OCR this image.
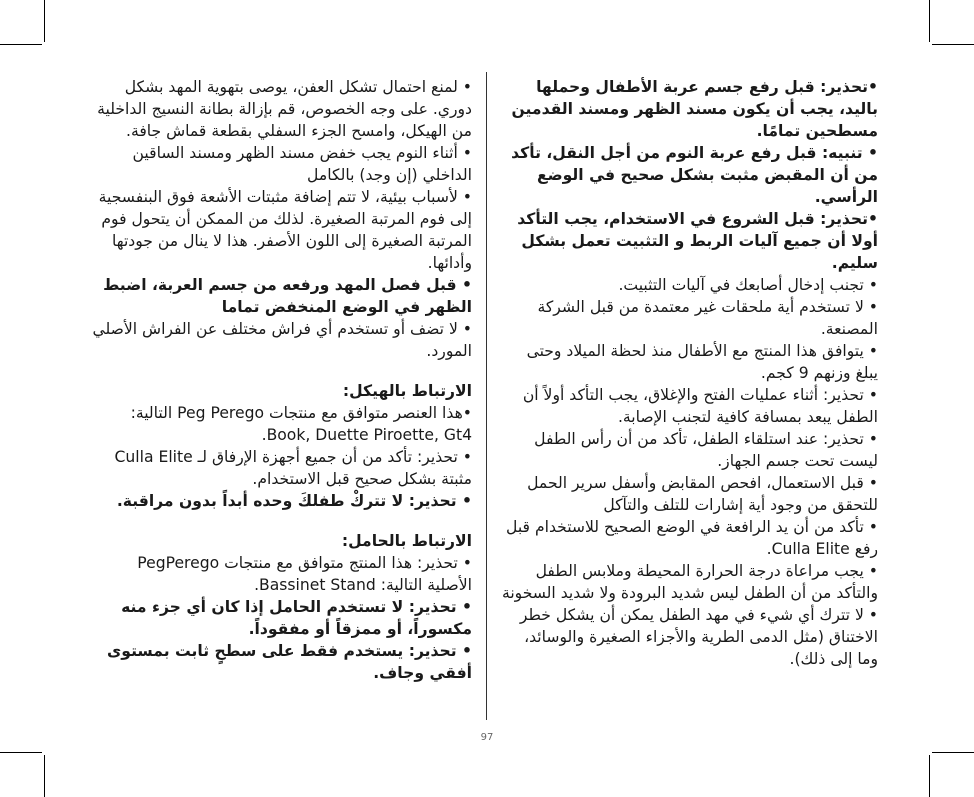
•تحذير: قبل رفع جسم عربة الأطفال وحملها باليد، يجب أن يكون مسند الظهر ومسند القدمين مسطحين تمامًا.

• تنبيه: قبل رفع عربة النوم من أجل النقل، تأكد من أن المقبض مثبت بشكل صحيح في الوضع الرأسي.

•تحذير: قبل الشروع في الاستخدام، يجب التأكد أولا أن جميع آليات الربط و التثبيت تعمل بشكل سليم.

• تجنب إدخال أصابعك في آليات التثبيت.

• لا تستخدم أية ملحقات غير معتمدة من قبل الشركة المصنعة.

• يتوافق هذا المنتج مع الأطفال منذ لحظة الميلاد وحتى يبلغ وزنهم 9 كجم.

• تحذير: أثناء عمليات الفتح والإغلاق، يجب التأكد أولاً أن الطفل يبعد بمسافة كافية لتجنب الإصابة.

• تحذير: عند استلقاء الطفل، تأكد من أن رأس الطفل ليست تحت جسم الجهاز.

• قبل الاستعمال، افحص المقابض وأسفل سرير الحمل للتحقق من وجود أية إشارات للتلف والتآكل

• تأكد من أن يد الرافعة في الوضع الصحيح للاستخدام قبل رفع Culla Elite.

• يجب مراعاة درجة الحرارة المحيطة وملابس الطفل والتأكد من أن الطفل ليس شديد البرودة ولا شديد السخونة

• لا تترك أي شيء في مهد الطفل يمكن أن يشكل خطر الاختناق (مثل الدمى الطرية والأجزاء الصغيرة والوسائد، وما إلى ذلك).

• لمنع احتمال تشكل العفن، يوصى بتهوية المهد بشكل دوري. على وجه الخصوص، قم بإزالة بطانة النسيج الداخلية من الهيكل، وامسح الجزء السفلي بقطعة قماش جافة.

• أثناء النوم يجب خفض مسند الظهر ومسند الساقين الداخلي (إن وجد) بالكامل

• لأسباب بيئية، لا تتم إضافة مثبتات الأشعة فوق البنفسجية إلى فوم المرتبة الصغيرة. لذلك من الممكن أن يتحول فوم المرتبة الصغيرة إلى اللون الأصفر. هذا لا ينال من جودتها وأدائها.

• قبل فصل المهد ورفعه من جسم العربة، اضبط الظهر في الوضع المنخفض تماما

• لا تضف أو تستخدم أي فراش مختلف عن الفراش الأصلي المورد.

الارتباط بالهيكل:

•هذا العنصر متوافق مع منتجات Peg Perego التالية: Book, Duette Piroette, Gt4.

• تحذير: تأكد من أن جميع أجهزة الإرفاق لـ Culla Elite مثبتة بشكل صحيح قبل الاستخدام.

• تحذير: لا تتركْ طفلكَ وحده أبداً بدون مراقبة.

الارتباط بالحامل:

• تحذير: هذا المنتج متوافق مع منتجات PegPerego الأصلية التالية: Bassinet Stand.

• تحذير: لا تستخدم الحامل إذا كان أي جزء منه مكسوراً، أو ممزقاً أو مفقوداً.

• تحذير: يستخدم فقط على سطحٍ ثابت بمستوى أفقي وجاف.

97
